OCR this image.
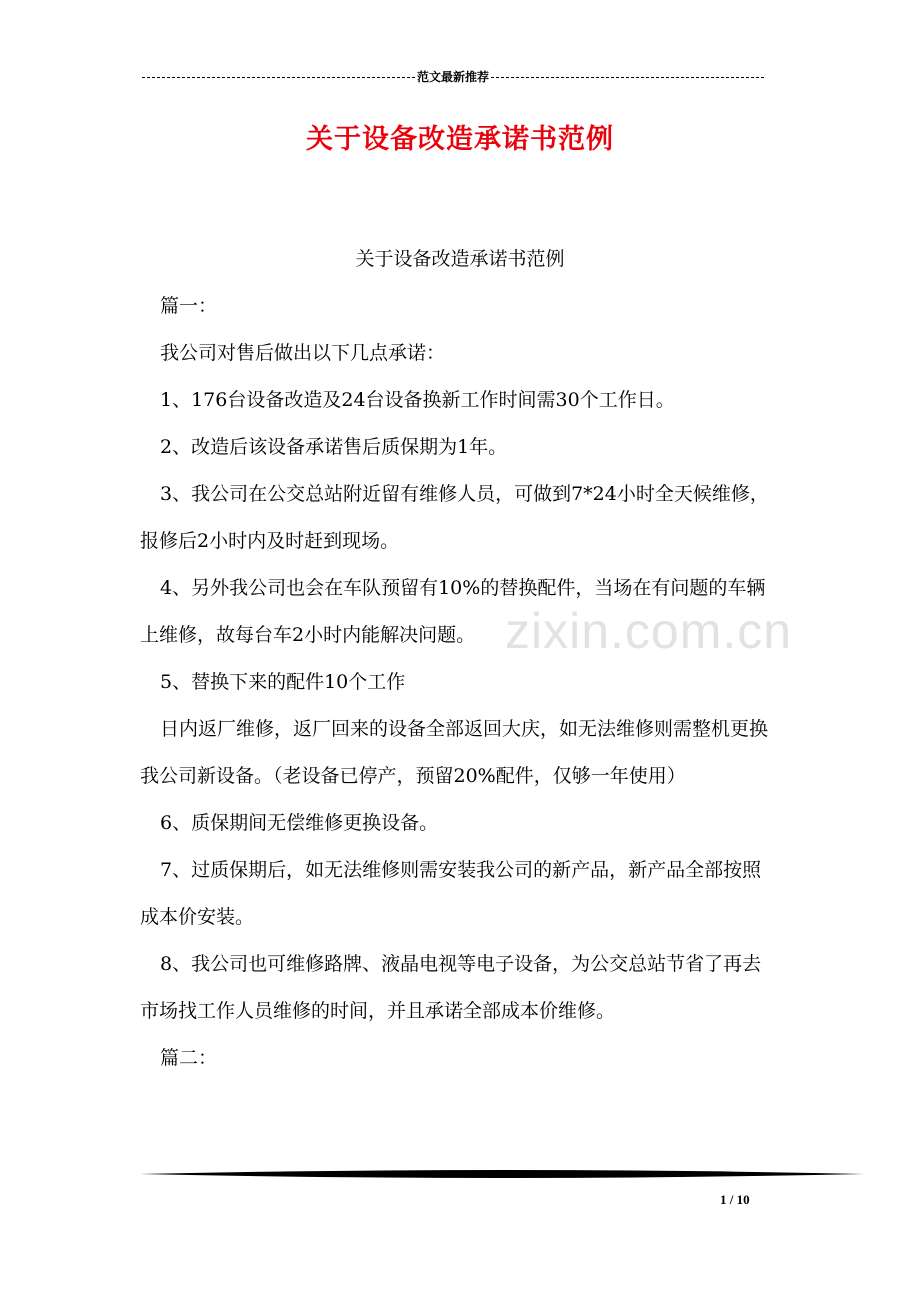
范文最新推荐
关于设备改造承诺书范例

关于设备改造承诺书范例

篇一：

我公司对售后做出以下几点承诺：

1、176台设备改造及24台设备换新工作时间需30个工作日。

2、改造后该设备承诺售后质保期为1年。

3、我公司在公交总站附近留有维修人员，可做到7*24小时全天候维修，报修后2小时内及时赶到现场。

4、另外我公司也会在车队预留有10%的替换配件，当场在有问题的车辆上维修，故每台车2小时内能解决问题。

5、替换下来的配件10个工作

日内返厂维修，返厂回来的设备全部返回大庆，如无法维修则需整机更换我公司新设备。（老设备已停产，预留20%配件，仅够一年使用）

6、质保期间无偿维修更换设备。

7、过质保期后，如无法维修则需安装我公司的新产品，新产品全部按照成本价安装。

8、我公司也可维修路牌、液晶电视等电子设备，为公交总站节省了再去市场找工作人员维修的时间，并且承诺全部成本价维修。

篇二：

zixin.com.cn
1 / 10
